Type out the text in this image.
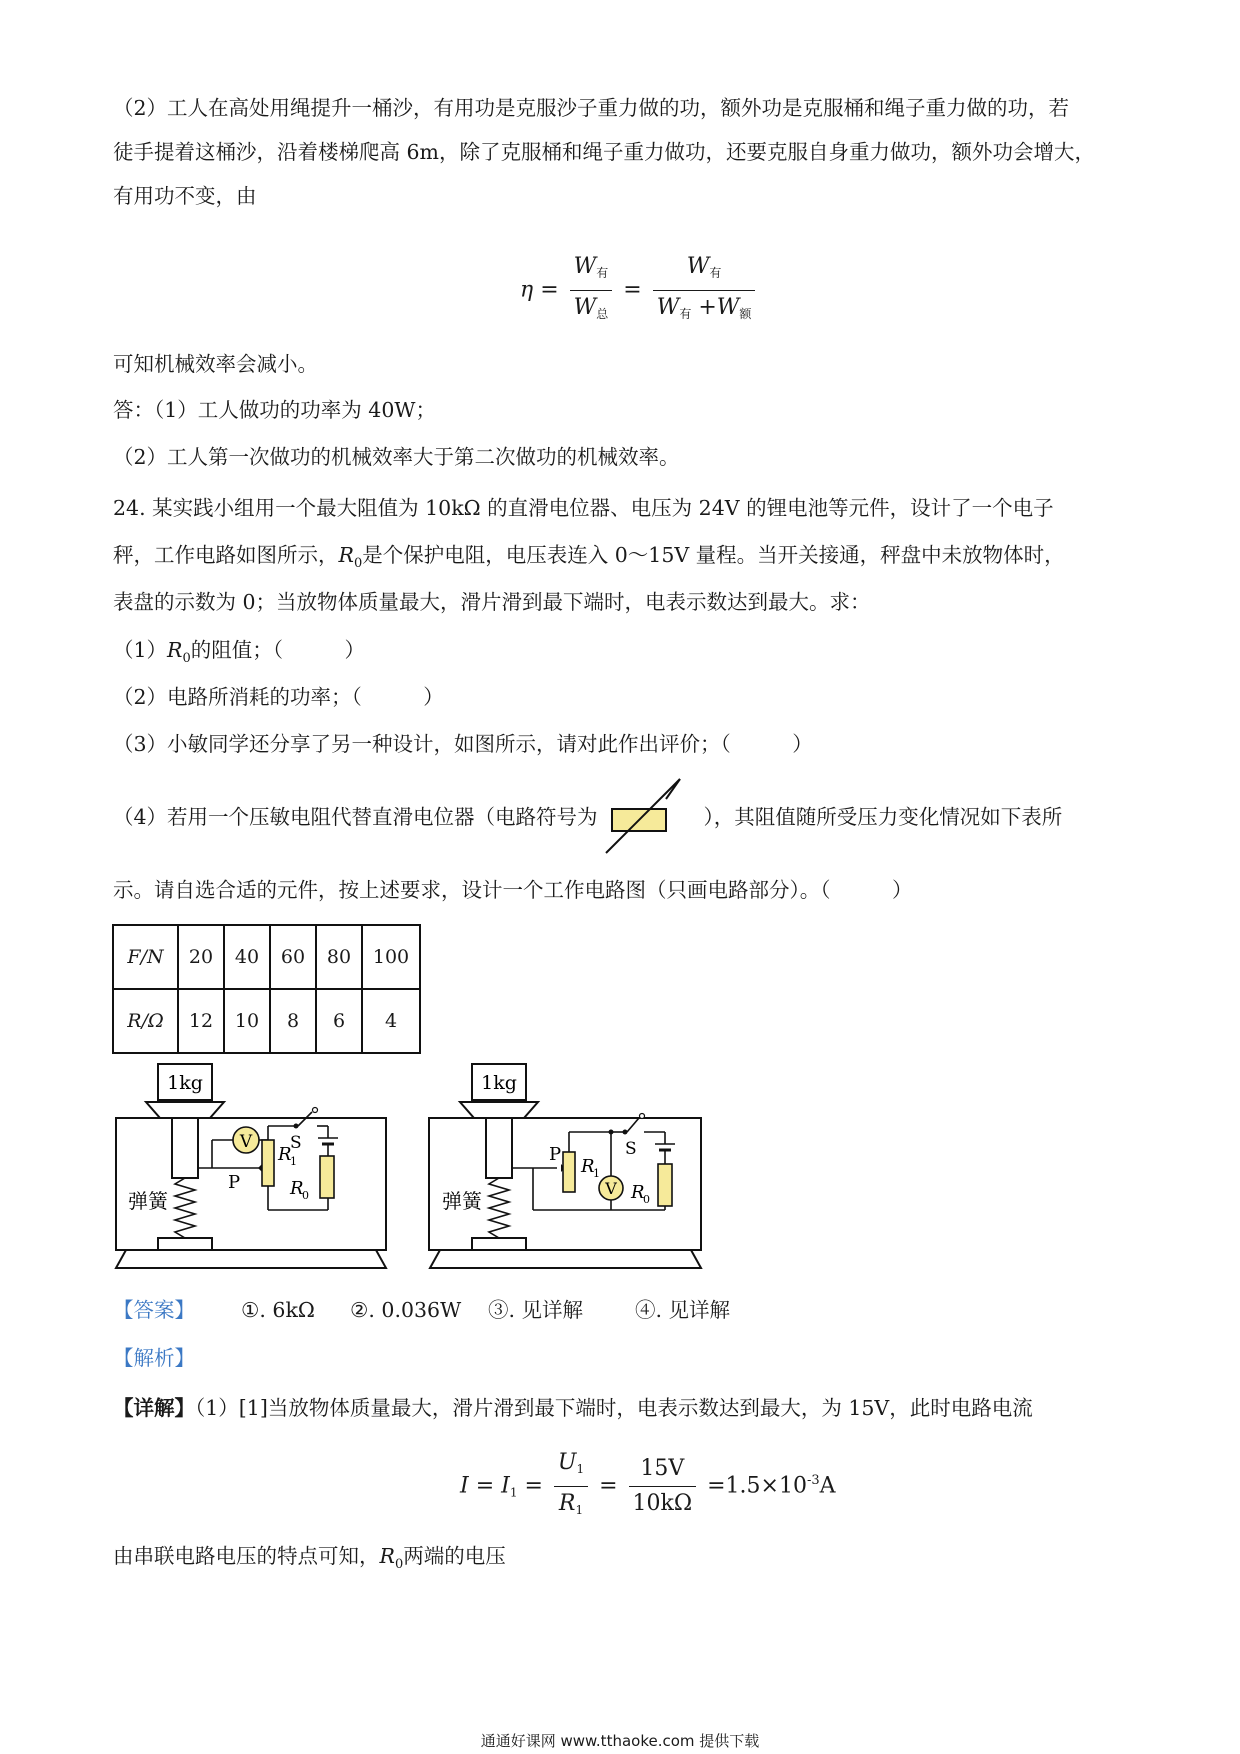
（2）工人在高处用绳提升一桶沙，有用功是克服沙子重力做的功，额外功是克服桶和绳子重力做的功，若
徒手提着这桶沙，沿着楼梯爬高 6m，除了克服桶和绳子重力做功，还要克服自身重力做功，额外功会增大，
有用功不变，由
$\eta = \frac{\text{W有}}{\text{W总}} = \frac{\text{W有}}{\text{W有 +W额}}$
可知机械效率会减小。
答：（1）工人做功的功率为 40W；
（2）工人第一次做功的机械效率大于第二次做功的机械效率。
24. 某实践小组用一个最大阻值为 10kΩ 的直滑电位器、电压为 24V 的锂电池等元件，设计了一个电子
秤，工作电路如图所示，$R_0$是个保护电阻，电压表连入 0～15V 量程。当开关接通，秤盘中未放物体时，
表盘的示数为 0；当放物体质量最大，滑片滑到最下端时，电表示数达到最大。求：
$(1)R_0$的阻值；（　　　）
（2）电路所消耗的功率；（　　　）
（3）小敏同学还分享了另一种设计，如图所示，请对此作出评价；（　　　）
（4）若用一个压敏电阻代替直滑电位器（电路符号为	），其阻值随所受压力变化情况如下表所
示。请自选合适的元件，按上述要求，设计一个工作电路图（只画电路部分）。（　　　）
F/N	20	40	60	80	100
R/Ω	12	10	8	6	4
1kg
弹簧
V
P
R
1
S
R
0
1kg
弹簧
P
R
1
V
S
R
0
【答案】 ①. 6kΩ ②. 0.036W ③. 见详解	④. 见详解
【解析】
【详解】（1）[1]当放物体质量最大，滑片滑到最下端时，电表示数达到最大，为 15V，此时电路电流
$I = I1 = \frac{U1}{R1} = \frac{15V}{10k\Omega} =1.5\times 10^{-3}A$
由串联电路电压的特点可知，$R_0$两端的电压
通通好课网 www.tthaoke.com 提供下载
